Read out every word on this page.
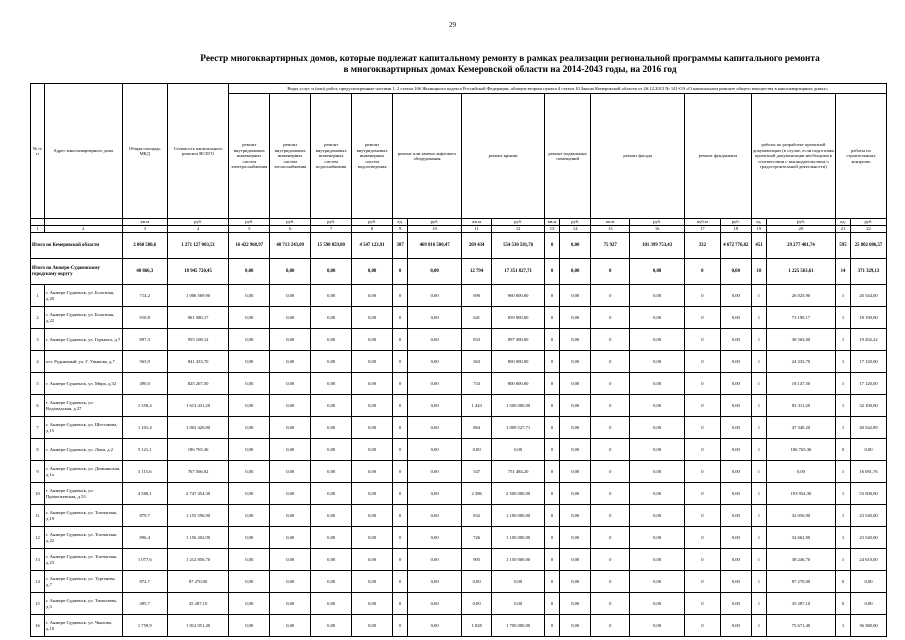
29
Реестр многоквартирных домов, которые подлежат капитальному ремонту в рамках реализации региональной программы капитального ремонта
в многоквартирных домах Кемеровской области на 2014-2043 годы, на 2016 год
№ п/п	Адрес многоквартирного дома	Общая площадь МКД	Стоимость капитального ремонта ВСЕГО	Виды услуг и (или) работ, предусмотренные частями 1, 2 статьи 166 Жилищного кодекса Российской Федерации, абзацем вторым пункта 4 статьи 10 Закона Кемеровской области от 26.12.2013 № 141-ОЗ «О капитальном ремонте общего имущества в многоквартирных домах»																	
				ремонт внутридомовых инженерных систем электроснабжения	ремонт внутридомовых инженерных систем теплоснабжения	ремонт внутридомовых инженерных систем водоснабжения	ремонт внутридомовых инженерных систем водоотведения	ремонт или замена лифтового оборудования		ремонт крыши		ремонт подвальных помещений		ремонт фасада		ремонт фундамента		работы по разработке проектной документации (в случае, если подготовка проектной документации необходима в соответствии с законодательством о градостроительной деятельности)		работы по строительному контролю	
		кв.м	руб.	руб.	руб.	руб.	руб.	ед.	руб.	кв.м	руб.	кв.м	руб.	кв.м	руб.	куб.м	руб.	ед.	руб.	ед.	руб.
1	2	3	4	5	6	7	8	9	10	11	12	13	14	15	16	17	18	19	20	21	22
Итого по Кемеровской области		2 060 580,6	1 271 127 003,51	16 422 968,97	48 713 243,09	15 590 859,80	4 547 123,91	307	469 810 500,47	269 434	554 530 581,76	0	0,00	75 927	101 399 753,43	332	4 672 776,82	451	29 277 401,74	595	25 802 086,57
Итого по Анжеро-Судженскому городскому округу		40 866,3	18 945 720,45	0,00	0,00	0,00	0,00	0	0,00	12 794	17 351 827,71	0	0,00	0	0,00	0	0,00	18	1 225 563,61	14	371 329,13
1	г. Анжеро-Судженск, ул. Болотная, д.20	714,2	1 006 569,90	0,00	0,00	0,00	0,00	0	0,00	690	960 000,00	0	0,00	0	0,00	0	0,00	1	26 025,90	1	20 544,00
2	г. Анжеро-Судженск, ул. Болотная, д.22	910,8	961 380,17	0,00	0,00	0,00	0,00	0	0,00	641	859 900,00	0	0,00	0	0,00	0	0,00	1	73 190,17	1	18 190,00
3	г. Анжеро-Судженск, ул. Горького, д.7	897,3	955 108,12	0,00	0,00	0,00	0,00	0	0,00	833	897 300,00	0	0,00	0	0,00	0	0,00	1	38 563,00	1	19 202,22
4	пгт. Рудничный, ул. Г. Ушакова, д.7	563,9	841 433,70	0,00	0,00	0,00	0,00	0	0,00	563	800 000,00	0	0,00	0	0,00	0	0,00	1	24 333,70	1	17 120,00
5	г. Анжеро-Судженск, ул. Мира, д.32	490,0	825 267,50	0,00	0,00	0,00	0,00	0	0,00	733	800 000,00	0	0,00	0	0,00	0	0,00	1	18 147,50	1	17 120,00
6	г. Анжеро-Судженск, ул. Водопадская, д.27	1 558,4	1 613 431,20	0,00	0,00	0,00	0,00	0	0,00	1 443	1 500 000,00	0	0,00	0	0,00	0	0,00	1	83 311,20	1	32 100,00
7	г. Анжеро-Судженск, ул. Шестакова, д.15	1 101,4	1 002 420,80	0,00	0,00	0,00	0,00	0	0,00	864	1 009 527,71	0	0,00	0	0,00	0	0,00	1	47 340,20	1	40 542,89
8	г. Анжеро-Судженск, ул. Лени, д.2	5 121,1	186 765,36	0,00	0,00	0,00	0,00	0	0,00	0,00	0,00	0	0,00	0	0,00	0	0,00	1	186 765,36	0	0,00
9	г. Анжеро-Судженск, ул. Домнинская, д.1а	3 115,6	767 566,02	0,00	0,00	0,00	0,00	0	0,00	547	751 484,20	0	0,00	0	0,00	0	0,00	1	0,00	1	16 081,76
10	г. Анжеро-Судженск, ул. Прокопьевская, д.53	4 580,1	2 747 454,30	0,00	0,00	0,00	0,00	0	0,00	2 386	2 500 000,00	0	0,00	0	0,00	0	0,00	1	193 954,30	1	53 500,00
11	г. Анжеро-Судженск, ул. Топтыгина, д.19	879,7	1 155 596,90	0,00	0,00	0,00	0,00	0	0,00	832	1 100 000,00	0	0,00	0	0,00	0	0,00	1	32 056,90	1	23 540,00
12	г. Анжеро-Судженск, ул. Топтыгина, д.22	896,4	1 156 202,90	0,00	0,00	0,00	0,00	0	0,00	726	1 100 000,00	0	0,00	0	0,00	0	0,00	1	32 662,90	1	23 540,00
13	г. Анжеро-Судженск, ул. Топтыгина, д.23	1 077,6	1 212 856,70	0,00	0,00	0,00	0,00	0	0,00	905	1 150 000,00	0	0,00	0	0,00	0	0,00	1	38 246,70	1	24 610,00
14	г. Анжеро-Судженск, ул. Тургенева, д.7	872,7	87 270,00	0,00	0,00	0,00	0,00	0	0,00	0,00	0,00	0	0,00	0	0,00	0	0,00	1	87 270,00	0	0,00
15	г. Анжеро-Судженск, ул. Тимолаева, д.3	495,7	35 287,10	0,00	0,00	0,00	0,00	0	0,00	0,00	0,00	0	0,00	0	0,00	0	0,00	1	35 287,10	0	0,00
16	г. Анжеро-Судженск, ул. Чкалова, д.10	1 759,9	1 812 051,40	0,00	0,00	0,00	0,00	0	0,00	1 028	1 700 000,00	0	0,00	0	0,00	0	0,00	1	75 671,40	1	36 380,00
